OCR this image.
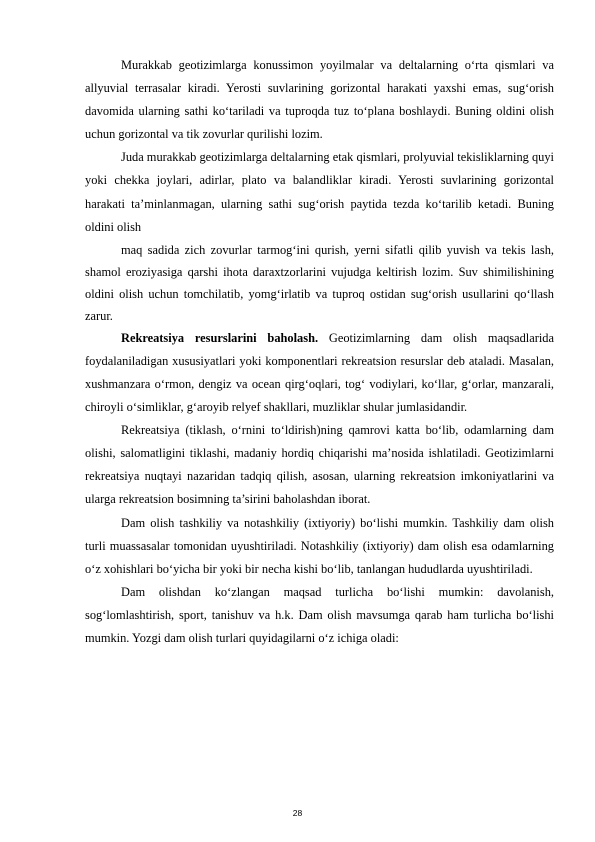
Murakkab geotizimlarga konussimon yoyilmalar va deltalarning o‘rta qismlari va allyuvial terrasalar kiradi. Yerosti suvlarining gorizontal harakati yaxshi emas, sug‘orish davomida ularning sathi ko‘tariladi va tuproqda tuz to‘plana boshlaydi. Buning oldini olish uchun gorizontal va tik zovurlar qurilishi lozim.

Juda murakkab geotizimlarga deltalarning etak qismlari, prolyuvial tekisliklarning quyi yoki chekka joylari, adirlar, plato va balandliklar kiradi. Yerosti suvlarining gorizontal harakati ta’minlanmagan, ularning sathi sug‘orish paytida tezda ko‘tarilib ketadi. Buning oldini olish

maq sadida zich zovurlar tarmog‘ini qurish, yerni sifatli qilib yuvish va tekis lash, shamol eroziyasiga qarshi ihota daraxtzorlarini vujudga keltirish lozim. Suv shimilishining oldini olish uchun tomchilatib, yomg‘irlatib va tuproq ostidan sug‘orish usullarini qo‘llash zarur.

Rekreatsiya resurslarini baholash. Geotizimlarning dam olish maqsadlarida foydalaniladigan xususiyatlari yoki komponentlari rekreatsion resurslar deb ataladi. Masalan, xushmanzara o‘rmon, dengiz va ocean qirg‘oqlari, tog‘ vodiylari, ko‘llar, g‘orlar, manzarali, chiroyli o‘simliklar, g‘aroyib relyef shakllari, muzliklar shular jumlasidandir.

Rekreatsiya (tiklash, o‘rnini to‘ldirish)ning qamrovi katta bo‘lib, odamlarning dam olishi, salomatligini tiklashi, madaniy hordiq chiqarishi ma’nosida ishlatiladi. Geotizimlarni rekreatsiya nuqtayi nazaridan tadqiq qilish, asosan, ularning rekreatsion imkoniyatlarini va ularga rekreatsion bosimning ta’sirini baholashdan iborat.

Dam olish tashkiliy va notashkiliy (ixtiyoriy) bo‘lishi mumkin. Tashkiliy dam olish turli muassasalar tomonidan uyushtiriladi. Notashkiliy (ixtiyoriy) dam olish esa odamlarning o‘z xohishlari bo‘yicha bir yoki bir necha kishi bo‘lib, tanlangan hududlarda uyushtiriladi.

Dam olishdan ko‘zlangan maqsad turlicha bo‘lishi mumkin: davolanish, sog‘lomlashtirish, sport, tanishuv va h.k. Dam olish mavsumga qarab ham turlicha bo‘lishi mumkin. Yozgi dam olish turlari quyidagilarni o‘z ichiga oladi:

28
